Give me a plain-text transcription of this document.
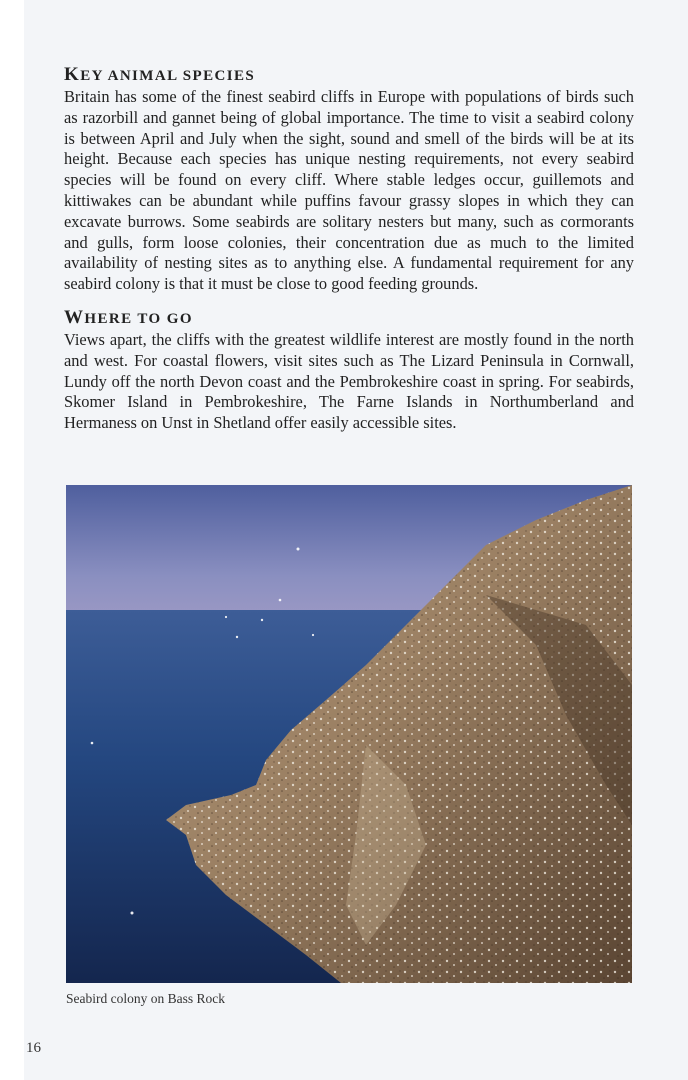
KEY ANIMAL SPECIES

Britain has some of the finest seabird cliffs in Europe with populations of birds such as razorbill and gannet being of global importance. The time to visit a seabird colony is between April and July when the sight, sound and smell of the birds will be at its height. Because each species has unique nesting requirements, not every seabird species will be found on every cliff. Where stable ledges occur, guillemots and kittiwakes can be abundant while puffins favour grassy slopes in which they can excavate burrows. Some seabirds are solitary nesters but many, such as cormorants and gulls, form loose colonies, their concentration due as much to the limited availability of nesting sites as to anything else. A fundamental requirement for any seabird colony is that it must be close to good feeding grounds.

WHERE TO GO

Views apart, the cliffs with the greatest wildlife interest are mostly found in the north and west. For coastal flowers, visit sites such as The Lizard Peninsula in Cornwall, Lundy off the north Devon coast and the Pembrokeshire coast in spring. For seabirds, Skomer Island in Pembrokeshire, The Farne Islands in Northumberland and Hermaness on Unst in Shetland offer easily accessible sites.

Seabird colony on Bass Rock
16
